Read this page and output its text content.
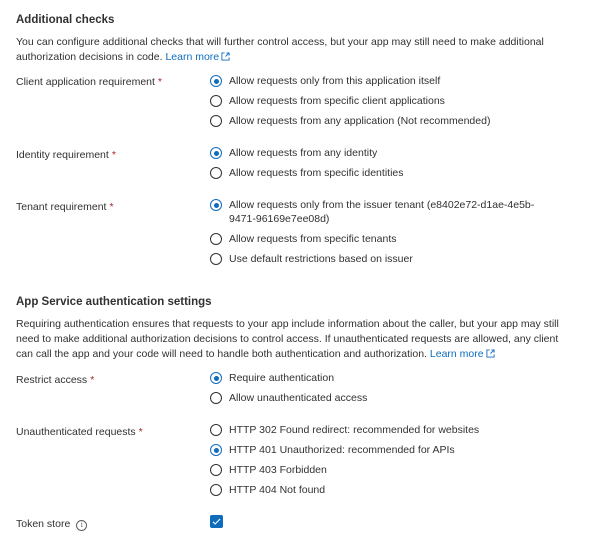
Additional checks
You can configure additional checks that will further control access, but your app may still need to make additional authorization decisions in code. Learn more
Client application requirement *	Allow requests only from this application itself
Allow requests from specific client applications
Allow requests from any application (Not recommended)
Identity requirement *	Allow requests from any identity
Allow requests from specific identities
Tenant requirement *	Allow requests only from the issuer tenant (e8402e72-d1ae-4e5b-9471-96169e7ee08d)
Allow requests from specific tenants
Use default restrictions based on issuer
App Service authentication settings
Requiring authentication ensures that requests to your app include information about the caller, but your app may still need to make additional authorization decisions to control access. If unauthenticated requests are allowed, any client can call the app and your code will need to handle both authentication and authorization. Learn more
Restrict access *	Require authentication
Allow unauthenticated access
Unauthenticated requests *	HTTP 302 Found redirect: recommended for websites
HTTP 401 Unauthorized: recommended for APIs
HTTP 403 Forbidden
HTTP 404 Not found
Token store i
